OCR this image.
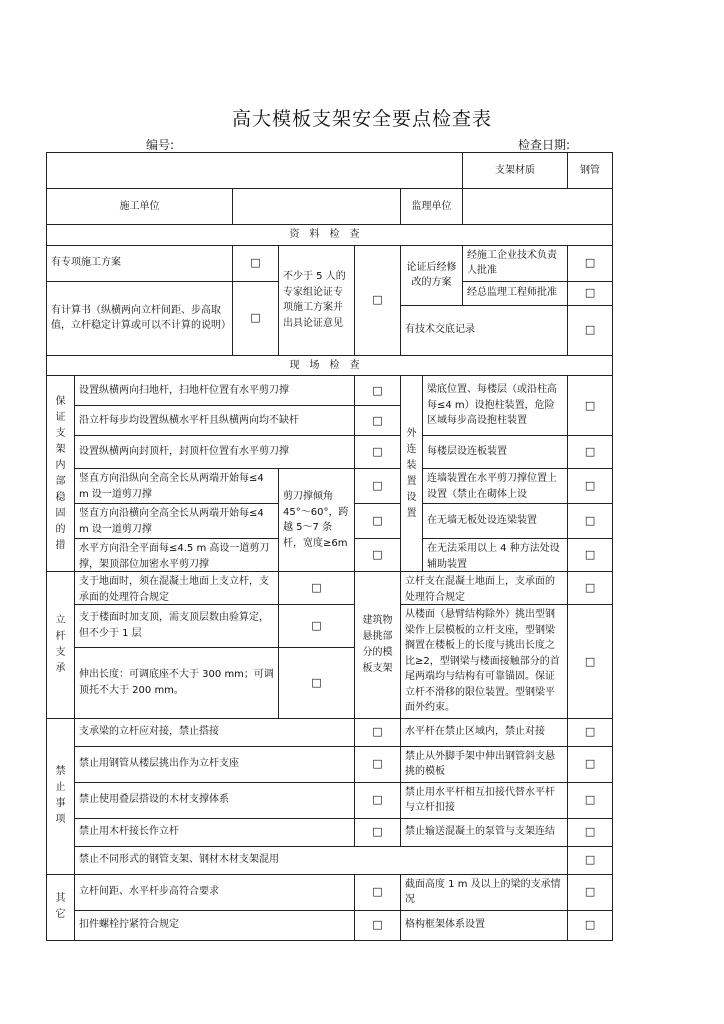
高大模板支架安全要点检查表
编号:	检查日期:
							支架材质	钢管
施工单位					监理单位			
资料检查								
有专项施工方案		□	不少于 5 人的专家组论证专项施工方案并出具论证意见	□	论证后经修改的方案		经施工企业技术负责人批准	□
有计算书（纵横两向立杆间距、步高取值，立杆稳定计算或可以不计算的说明）		□					经总监理工程师批准	□
					有技术交底记录			□
现场检查								
保证支架内部稳固的措	设置纵横两向扫地杆，扫地杆位置有水平剪刀撑			□	外连装置设置	梁底位置、每楼层（或沿柱高每≤4 m）设抱柱装置，危险区域每步高设抱柱装置		□
	沿立杆每步均设置纵横水平杆且纵横两向均不缺杆			□				
	设置纵横两向封顶杆，封顶杆位置有水平剪刀撑			□		每楼层设连板装置		□

	竖直方向沿纵向全高全长从两端开始每≤4 m 设一道剪刀撑		剪刀撑倾角 45°～60°，跨越 5～7 条杆，宽度≥6m	□		连墙装置在水平剪刀撑位置上设置（禁止在砌体上设		□

	竖直方向沿横向全高全长从两端开始每≤4 m 设一道剪刀撑			□		在无墙无板处设连梁装置		□

	水平方向沿全平面每≤4.5 m 高设一道剪刀撑，架顶部位加密水平剪刀撑			□		在无法采用以上 4 种方法处设辅助装置		□
立杆支承	支于地面时，须在混凝土地面上支立杆，支承面的处理符合规定		□	建筑物悬挑部分的模板支架	立杆支在混凝土地面上，支承面的处理符合规定			□
	支于楼面时加支顶，需支顶层数由验算定，但不少于 1 层		□		从楼面（悬臂结构除外）挑出型钢梁作上层模板的立杆支座，型钢梁搁置在楼板上的长度与挑出长度之比≥2，型钢梁与楼面接触部分的首尾两端均与结构有可靠锚固。保证立杆不滑移的限位装置。型钢梁平面外约束。			□
	伸出长度：可调底座不大于 300 mm；可调顶托不大于 200 mm。		□					
禁止事项	支承梁的立杆应对接，禁止搭接			□	水平杆在禁止区域内，禁止对接			□
	禁止用钢管从楼层挑出作为立杆支座			□	禁止从外脚手架中伸出钢管斜支悬挑的模板			□
	禁止使用叠层搭设的木材支撑体系			□	禁止用水平杆相互扣接代替水平杆与立杆扣接			□
	禁止用木杆接长作立杆			□	禁止输送混凝土的泵管与支架连结			□
	禁止不同形式的钢管支架、钢材木材支架混用							□
其它	立杆间距、水平杆步高符合要求			□	截面高度 1 m 及以上的梁的支承情况			□
	扣件螺栓拧紧符合规定			□	格构框架体系设置			□
